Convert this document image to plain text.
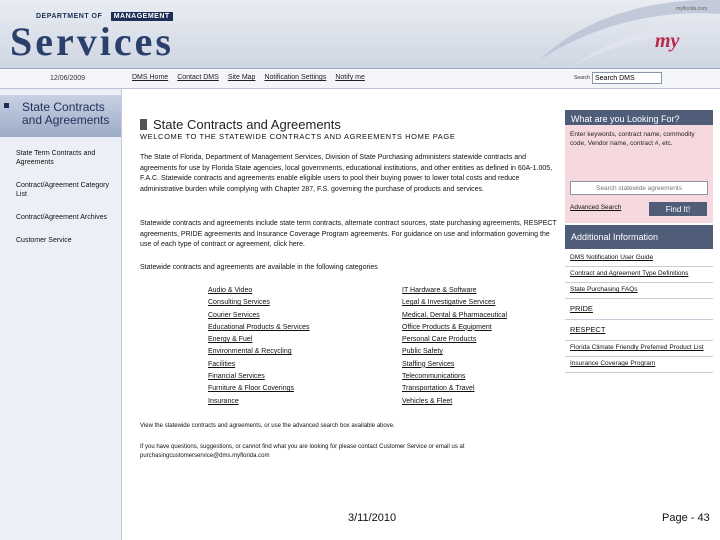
DEPARTMENT OF MANAGEMENT
Services
myflorida.com
my
12/06/2009	DMS Home Contact DMS Site Map Notification Settings Notify me	Search
Search DMS
State Contracts and Agreements
State Term Contracts and Agreements
Contract/Agreement Category List
Contract/Agreement Archives
Customer Service
State Contracts and Agreements
WELCOME TO THE STATEWIDE CONTRACTS AND AGREEMENTS HOME PAGE
The State of Florida, Department of Management Services, Division of State Purchasing administers statewide contracts and agreements for use by Florida State agencies, local governments, educational institutions, and other entities as defined in 60A-1.005, F.A.C. Statewide contracts and agreements enable eligible users to pool their buying power to lower total costs and reduce administrative burden while complying with Chapter 287, F.S. governing the purchase of products and services.
Statewide contracts and agreements include state term contracts, alternate contract sources, state purchasing agreements, RESPECT agreements, PRIDE agreements and Insurance Coverage Program agreements. For guidance on use and information governing the use of each type of contract or agreement, click here.
Statewide contracts and agreements are available in the following categories
Audio & Video
Consulting Services
Courier Services
Educational Products & Services
Energy & Fuel
Environmental & Recycling
Facilities
Financial Services
Furniture & Floor Coverings
Insurance
IT Hardware & Software
Legal & Investigative Services
Medical, Dental & Pharmaceutical
Office Products & Equipment
Personal Care Products
Public Safety
Staffing Services
Telecommunications
Transportation & Travel
Vehicles & Fleet
View the statewide contracts and agreements, or use the advanced search box available above.
If you have questions, suggestions, or cannot find what you are looking for please contact Customer Service or email us at purchasingcustomerservice@dms.myflorida.com
What are you Looking For?
Enter keywords, contract name, commodity code, Vendor name, contract #, etc.
Search statewide agreements
Advanced Search	Find It!
Additional Information
DMS Notification User Guide
Contract and Agreement Type Definitions
State Purchasing FAQs
PRIDE
RESPECT
Florida Climate Friendly Preferred Product List
Insurance Coverage Program
3/11/2010	Page - 43
